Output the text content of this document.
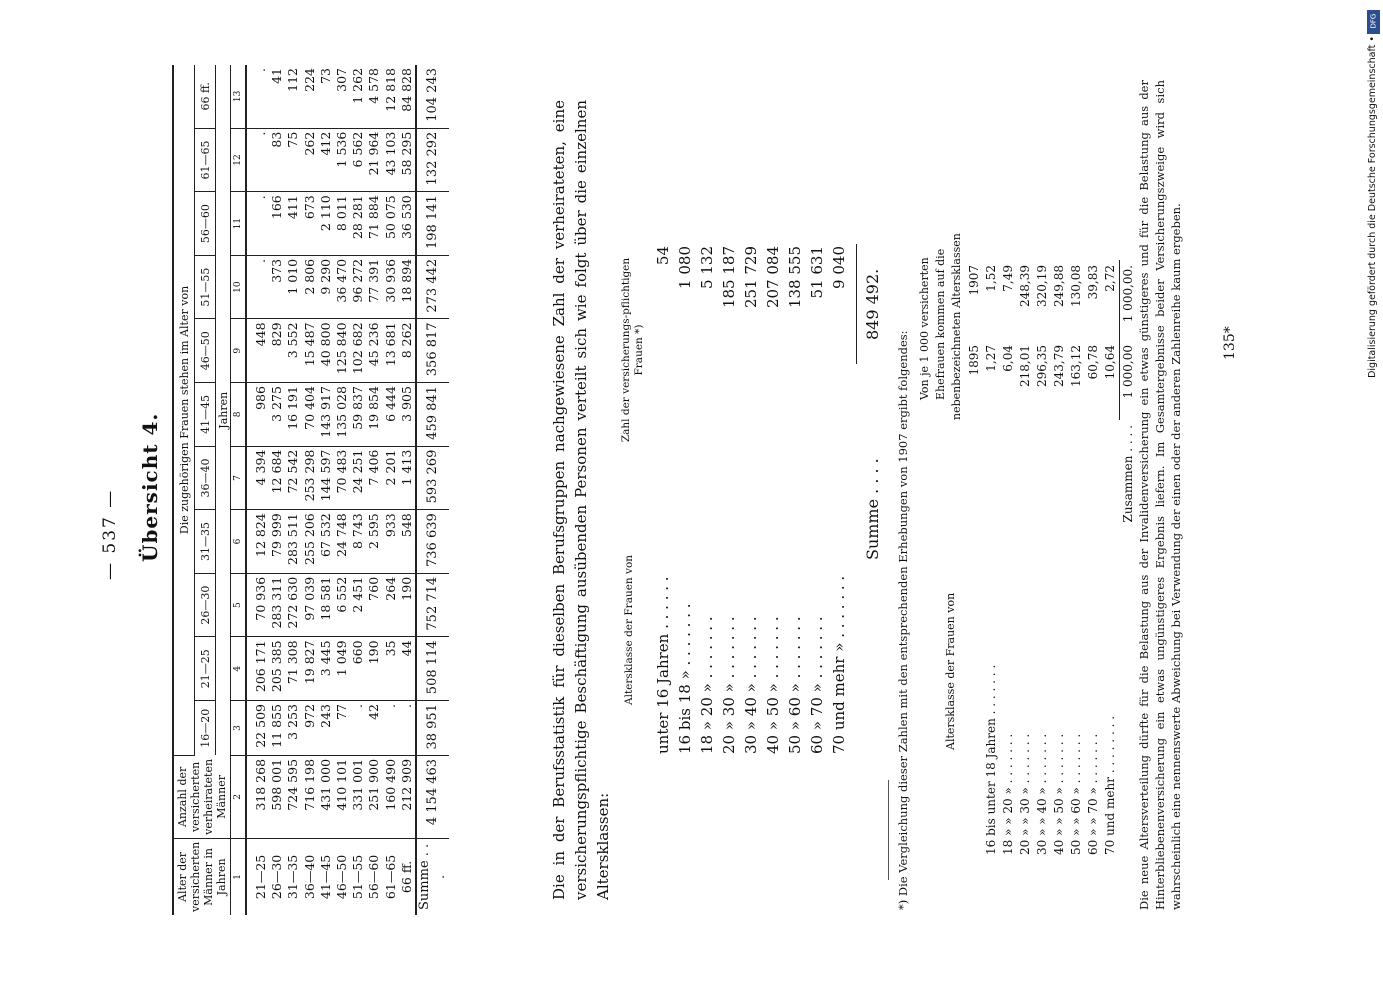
— 537 — Übersicht 4.
Alter der versicherten Männer in Jahren	Anzahl der versicherten verheirateten Männer	Die zugehörigen Frauen stehen im Alter von										
		16—20	21—25	26—30	31—35	36—40	41—45	46—50	51—55	56—60	61—65	66 ff.
		Jahren										
1	2	3	4	5	6	7	8	9	10	11	12	13
21—25	318 268	22 509	206 171	70 936	12 824	4 394	986	448	.	.	.	.
26—30	598 001	11 855	205 385	283 311	79 999	12 684	3 275	829	373	166	83	41
31—35	724 595	3 253	71 308	272 630	283 511	72 542	16 191	3 552	1 010	411	75	112
36—40	716 198	972	19 827	97 039	255 206	253 298	70 404	15 487	2 806	673	262	224
41—45	431 000	243	3 445	18 581	67 532	144 597	143 917	40 800	9 290	2 110	412	73
46—50	410 101	77	1 049	6 552	24 748	70 483	135 028	125 840	36 470	8 011	1 536	307
51—55	331 001	.	660	2 451	8 743	24 251	59 837	102 682	96 272	28 281	6 562	1 262
56—60	251 900	42	190	760	2 595	7 406	19 854	45 236	77 391	71 884	21 964	4 578
61—65	160 490	.	35	264	933	2 201	6 444	13 681	30 936	50 075	43 103	12 818
66 ff.	212 909	.	44	190	548	1 413	3 905	8 262	18 894	36 530	58 295	84 828
Summe . . .	4 154 463	38 951	508 114	752 714	736 639	593 269	459 841	356 817	273 442	198 141	132 292	104 243
Die in der Berufsstatistik für dieselben Berufsgruppen nachgewiesene Zahl der verheirateten, eine versicherungspflichtige Beschäftigung ausübenden Personen verteilt sich wie folgt über die einzelnen Altersklassen:
Altersklasse der Frauen von
Zahl der versicherungs-pflichtigen Frauen *)
unter 16 Jahren . . . . . .	54
16 bis 18 » . . . . . . .	1 080
18 » 20 » . . . . . . .	5 132
20 » 30 » . . . . . . .	185 187
30 » 40 » . . . . . . .	251 729
40 » 50 » . . . . . . .	207 084
50 » 60 » . . . . . . .	138 555
60 » 70 » . . . . . . .	51 631
70 und mehr » . . . . . . .	9 040
Summe . . . .
849 492.
*) Die Vergleichung dieser Zahlen mit den entsprechenden Erhebungen von 1907 ergibt folgendes:
Von je 1 000 versicherten Ehefrauen kommen auf die nebenbezeichneten Altersklassen
Altersklasse der Frauen von
	1895	1907
16 bis unter 18 Jahren . . . . . . .	1,27	1,52
18 » » 20 » . . . . . . .	6,04	7,49
20 » » 30 » . . . . . . .	218,01	248,39
30 » » 40 » . . . . . . .	296,35	320,19
40 » » 50 » . . . . . . .	243,79	249,88
50 » » 60 » . . . . . . .	163,12	130,08
60 » » 70 » . . . . . . .	60,78	39,83
70 und mehr . . . . . . . .	10,64	2,72
Zusammen . . . .	1 000,00	1 000,00. Die neue Altersverteilung dürfte für die Belastung aus der Invalidenversicherung ein etwas günstigeres und für die Belastung aus der Hinterbliebenenversicherung ein etwas ungünstigeres Ergebnis liefern. Im Gesamtergebnisse beider Versicherungszweige wird sich wahrscheinlich eine nennenswerte Abweichung bei Verwendung der einen oder der anderen Zahlenreihe kaum ergeben.	135*
DFG
Digitalisierung gefördert durch die Deutsche Forschungsgemeinschaft •
